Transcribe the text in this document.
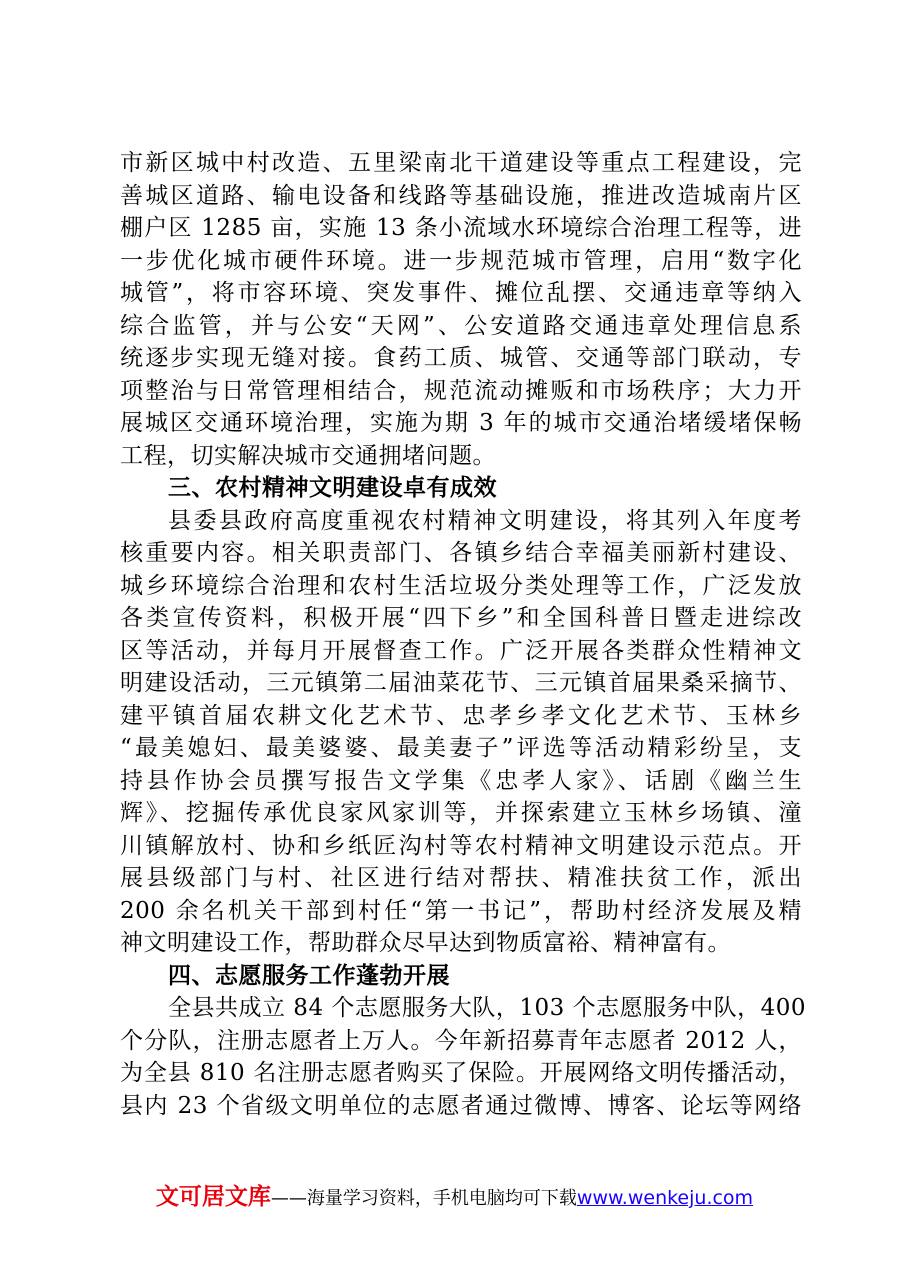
市新区城中村改造、五里梁南北干道建设等重点工程建设，完
善城区道路、输电设备和线路等基础设施，推进改造城南片区
棚户区 1285 亩，实施 13 条小流域水环境综合治理工程等，进
一步优化城市硬件环境。进一步规范城市管理，启用“数字化
城管”，将市容环境、突发事件、摊位乱摆、交通违章等纳入
综合监管，并与公安“天网”、公安道路交通违章处理信息系
统逐步实现无缝对接。食药工质、城管、交通等部门联动，专
项整治与日常管理相结合，规范流动摊贩和市场秩序；大力开
展城区交通环境治理，实施为期 3 年的城市交通治堵缓堵保畅
工程，切实解决城市交通拥堵问题。
三、农村精神文明建设卓有成效
县委县政府高度重视农村精神文明建设，将其列入年度考
核重要内容。相关职责部门、各镇乡结合幸福美丽新村建设、
城乡环境综合治理和农村生活垃圾分类处理等工作，广泛发放
各类宣传资料，积极开展“四下乡”和全国科普日暨走进综改
区等活动，并每月开展督查工作。广泛开展各类群众性精神文
明建设活动，三元镇第二届油菜花节、三元镇首届果桑采摘节、
建平镇首届农耕文化艺术节、忠孝乡孝文化艺术节、玉林乡
“最美媳妇、最美婆婆、最美妻子”评选等活动精彩纷呈，支
持县作协会员撰写报告文学集《忠孝人家》、话剧《幽兰生
辉》、挖掘传承优良家风家训等，并探索建立玉林乡场镇、潼
川镇解放村、协和乡纸匠沟村等农村精神文明建设示范点。开
展县级部门与村、社区进行结对帮扶、精准扶贫工作，派出
200 余名机关干部到村任“第一书记”，帮助村经济发展及精
神文明建设工作，帮助群众尽早达到物质富裕、精神富有。
四、志愿服务工作蓬勃开展
全县共成立 84 个志愿服务大队，103 个志愿服务中队，400
个分队，注册志愿者上万人。今年新招募青年志愿者 2012 人，
为全县 810 名注册志愿者购买了保险。开展网络文明传播活动，
县内 23 个省级文明单位的志愿者通过微博、博客、论坛等网络
文可居文库——海量学习资料，手机电脑均可下载www.wenkeju.com
